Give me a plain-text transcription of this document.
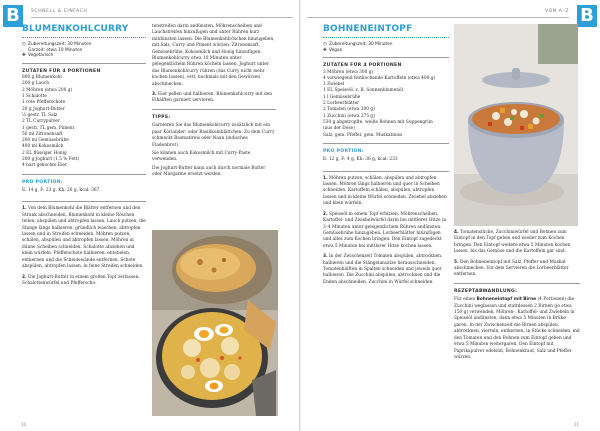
B	SCHNELL & EINFACH
BLUMENKOHLCURRY
◷ Zubereitungszeit: 30 Minuten
Garzeit: etwa 10 Minuten
✤ Vegetarisch
ZUTATEN FÜR 4 PORTIONEN
800 g Blumenkohl
200 g Lauch
2 Möhren (etwa 200 g)
1 Schalotte
1 rote Pfefferschote
20 g Joghurt-Butter
½ gestr. TL Salz
2 TL Currypulver
1 gestr. TL gem. Piment
50 ml Zitronensaft
200 ml Gemüsebrühe
400 ml Kokosmilch
2 EL flüssiger Honig
200 g Joghurt (1,5 % Fett)
4 hart gekochte Eier
PRO PORTION:
E: 14 g, F: 23 g, Kh: 26 g, kcal: 367
1. Von dem Blumenkohl die Blätter entfernen und den Strunk abschneiden. Blumenkohl in kleine Röschen teilen, abspülen und abtropfen lassen. Lauch putzen, die Stange längs halbieren, gründlich waschen, abtropfen lassen und in Streifen schneiden. Möhren putzen, schälen, abspülen und abtropfen lassen. Möhren in dünne Scheiben schneiden. Schalotte abziehen und klein würfeln. Pfefferschote halbieren, entstielen, entkernen und die Scheidewände entfernen. Schote abspülen, abtropfen lassen, in feine Streifen schneiden.
2. Die Joghurt-Butter in einem großen Topf zerlassen. Schalottenwürfel und Pfefferscho-
tenstreifen darin andünsten. Möhrenscheiben und Lauchstreifen hinzufügen und unter Rühren kurz mitdünsten lassen. Die Blumenkohlröschen hinzugeben, mit Salz, Curry und Piment würzen. Zitronensaft, Gemüsebrühe, Kokosmilch und Honig hinzufügen. Blumenkohlcurry etwa 10 Minuten unter gelegentlichem Rühren köcheln lassen. Joghurt unter das Blumenkohlcurry rühren (das Curry nicht mehr kochen lassen), evtl. nochmals mit den Gewürzen abschmecken.
3. Eier pellen und halbieren. Blumenkohlcurry mit den Eihälften garniert servieren.
TIPPS:
Garnieren Sie das Blumenkohlcurry zusätzlich mit ein paar Koriander- oder Basilikumblättchen. Zu dem Curry schmeckt Basmatireis oder Naan (indisches Fladenbrot).
Sie können auch Kokosmilch mit Curry-Paste verwenden.
Die Joghurt-Butter kann auch durch normale Butter oder Margarine ersetzt werden.
10
B
VON A–Z
BOHNENEINTOPF
◷ Zubereitungszeit: 30 Minuten
✤ Vegan
ZUTATEN FÜR 4 PORTIONEN
3 Möhren (etwa 300 g)
4 vorwiegend festkochende Kartoffeln (etwa 400 g)
1 Zwiebel
1 EL Speiseöl, z. B. Sonnenblumenöl
1 l Gemüsebrühe
2 Lorbeerblätter
2 Tomaten (etwa 200 g)
1 Zucchini (etwa 275 g)
530 g abgetropfte, weiße Bohnen mit Suppengrün
(aus der Dose)
Salz, gem. Pfeffer, gem. Muskatnuss
PRO PORTION:
E: 12 g, F: 4 g, Kh: 36 g, kcal: 233
1. Möhren putzen, schälen, abspülen und abtropfen lassen. Möhren längs halbieren und quer in Scheiben schneiden. Kartoffeln schälen, abspülen, abtropfen lassen und in kleine Würfel schneiden. Zwiebel abziehen und klein würfeln.
2. Speiseöl in einem Topf erhitzen. Möhrenscheiben, Kartoffel- und Zwiebelwürfel darin bei mittlerer Hitze in 3–4 Minuten unter gelegentlichem Rühren andünsten. Gemüsebrühe hinzugeben. Lorbeerblätter hinzufügen und alles zum Kochen bringen. Den Eintopf zugedeckt etwa 5 Minuten bei mittlerer Hitze kochen lassen.
3. In der Zwischenzeit Tomaten abspülen, abtrocknen, halbieren und die Stängelansätze herausschneiden. Tomatenhälften in Spalten schneiden und jeweils quer halbieren. Die Zucchini abspülen, abtrocknen und die Enden abschneiden. Zucchini in Würfel schneiden.
4. Tomatenstücke, Zucchiniwürfel und Bohnen zum Eintopf in den Topf geben und wieder zum Kochen bringen. Den Eintopf weitere etwa 5 Minuten kochen lassen, bis das Gemüse und die Kartoffeln gar sind.
5. Den Bohneneintopf mit Salz, Pfeffer und Muskat abschmecken. Vor dem Servieren die Lorbeerblätter entfernen.
REZEPTABWANDLUNG:
Für einen Bohneneintopf mit Birne (4 Portionen) die Zucchini weglassen und stattdessen 2 Birnen (je etwa 150 g) verwenden. Möhren-, Kartoffel- und Zwiebeln in Speiseöl andünsten, dann etwa 5 Minuten in Brühe garen. In der Zwischenzeit die Birnen abspülen, abtrocknen, vierteln, entkernen, in Stücke schneiden, mit den Tomaten und den Bohnen zum Eintopf geben und etwa 5 Minuten weitergaren. Den Eintopf mit Paprikapulver edelsüß, Bohnenkraut, Salz und Pfeffer würzen.
11
